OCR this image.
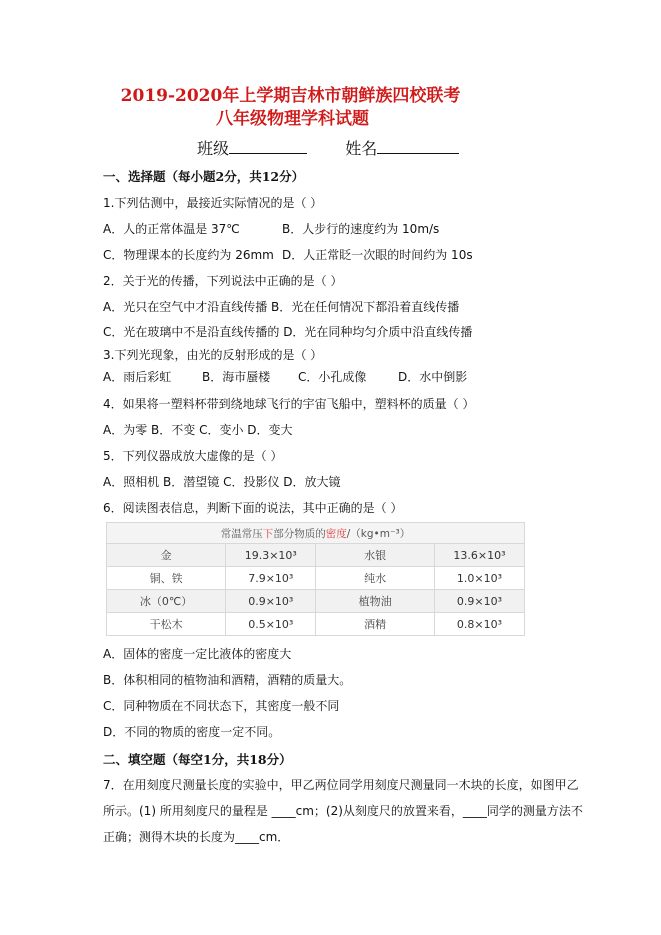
2019-2020年上学期吉林市朝鲜族四校联考
八年级物理学科试题
班级	姓名
一、选择题（每小题2分，共12分）
1.下列估测中，最接近实际情况的是（ ）
A．人的正常体温是 37℃	B．人步行的速度约为 10m/s
C．物理课本的长度约为 26mm D．人正常眨一次眼的时间约为 10s
2．关于光的传播，下列说法中正确的是（ ）
A．光只在空气中才沿直线传播 B．光在任何情况下都沿着直线传播
C．光在玻璃中不是沿直线传播的 D．光在同种均匀介质中沿直线传播
3.下列光现象，由光的反射形成的是（ ）
A．雨后彩虹	B．海市蜃楼 C．小孔成像	D．水中倒影
4．如果将一塑料杯带到绕地球飞行的宇宙飞船中，塑料杯的质量（ ）
A．为零 B．不变 C．变小 D．变大
5．下列仪器成放大虚像的是（ ）
A．照相机 B．潜望镜 C．投影仪 D．放大镜
6．阅读图表信息，判断下面的说法，其中正确的是（ ）
常温常压下部分物质的密度/（kg•m⁻³）			
金	19.3×10³	水银	13.6×10³
铜、铁	7.9×10³	纯水	1.0×10³
冰（0℃）	0.9×10³	植物油	0.9×10³
干松木	0.5×10³	酒精	0.8×10³
A．固体的密度一定比液体的密度大
B．体积相同的植物油和酒精，酒精的质量大。
C．同种物质在不同状态下，其密度一般不同
D．不同的物质的密度一定不同。
二、填空题（每空1分，共18分）
7．在用刻度尺测量长度的实验中，甲乙两位同学用刻度尺测量同一木块的长度，如图甲乙
所示。(1) 所用刻度尺的量程是 ____cm；(2)从刻度尺的放置来看，____同学的测量方法不
正确；测得木块的长度为____cm．
